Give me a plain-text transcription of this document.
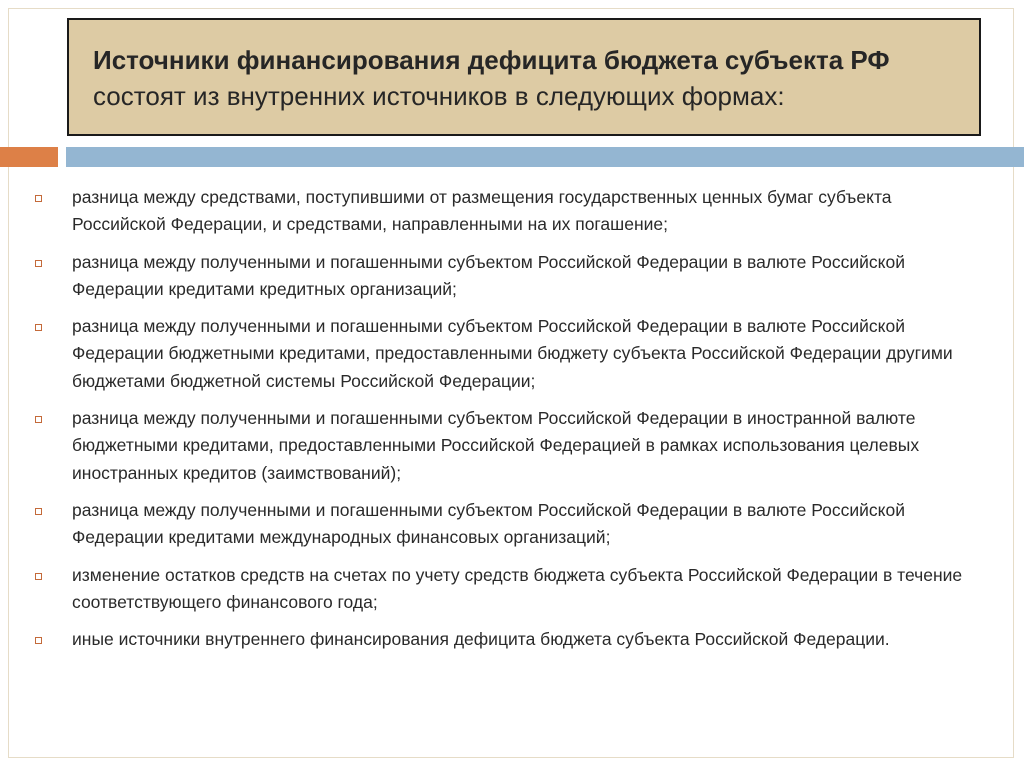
Источники финансирования дефицита бюджета субъекта РФ состоят из внутренних источников в следующих формах:
разница между средствами, поступившими от размещения государственных ценных бумаг субъекта Российской Федерации, и средствами, направленными на их погашение;
разница между полученными и погашенными субъектом Российской Федерации в валюте Российской Федерации кредитами кредитных организаций;
разница между полученными и погашенными субъектом Российской Федерации в валюте Российской Федерации бюджетными кредитами, предоставленными бюджету субъекта Российской Федерации другими бюджетами бюджетной системы Российской Федерации;
разница между полученными и погашенными субъектом Российской Федерации в иностранной валюте бюджетными кредитами, предоставленными Российской Федерацией в рамках использования целевых иностранных кредитов (заимствований);
разница между полученными и погашенными субъектом Российской Федерации в валюте Российской Федерации кредитами международных финансовых организаций;
изменение остатков средств на счетах по учету средств бюджета субъекта Российской Федерации в течение соответствующего финансового года;
иные источники внутреннего финансирования дефицита бюджета субъекта Российской Федерации.
